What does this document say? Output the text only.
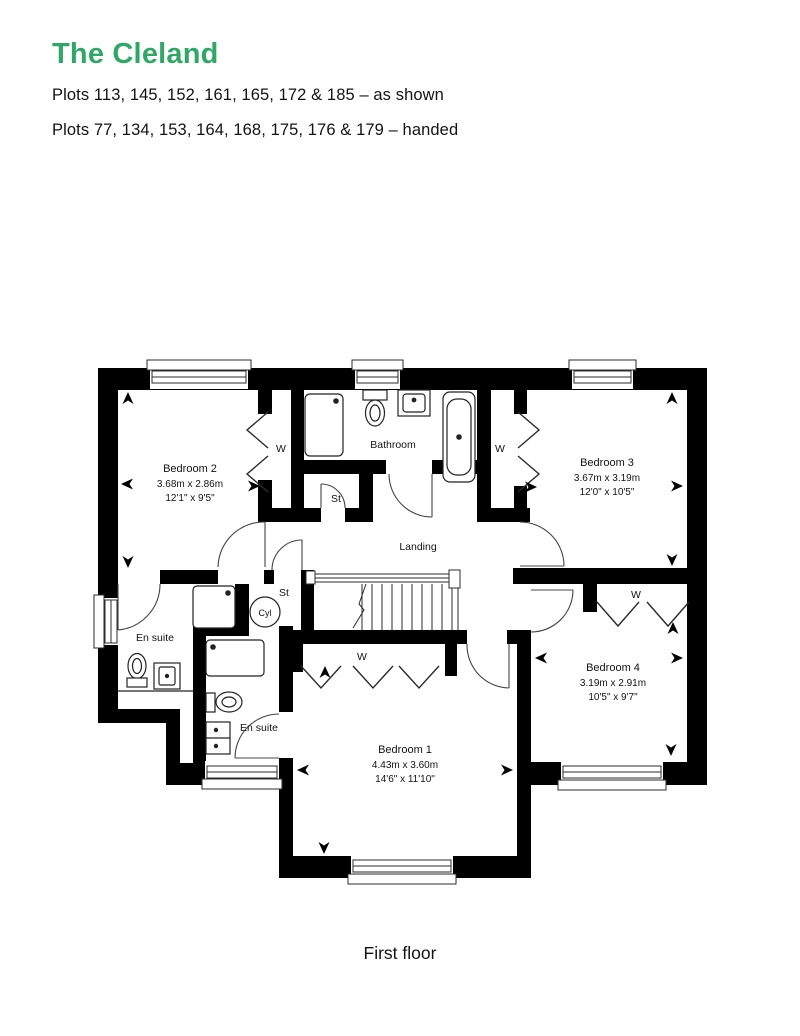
The Cleland

Plots 113, 145, 152, 161, 165, 172 & 185 – as shown

Plots 77, 134, 153, 164, 168, 175, 176 & 179 – handed

Bedroom 2
3.68m x 2.86m
12'1" x 9'5"
Bedroom 3
3.67m x 3.19m
12'0" x 10'5"
Bedroom 4
3.19m x 2.91m
10'5" x 9'7"
Bedroom 1
4.43m x 3.60m
14'6" x 11'10"
Bathroom
Landing
En suite
En suite
W	W
W
W
St
St
Cyl
First floor
